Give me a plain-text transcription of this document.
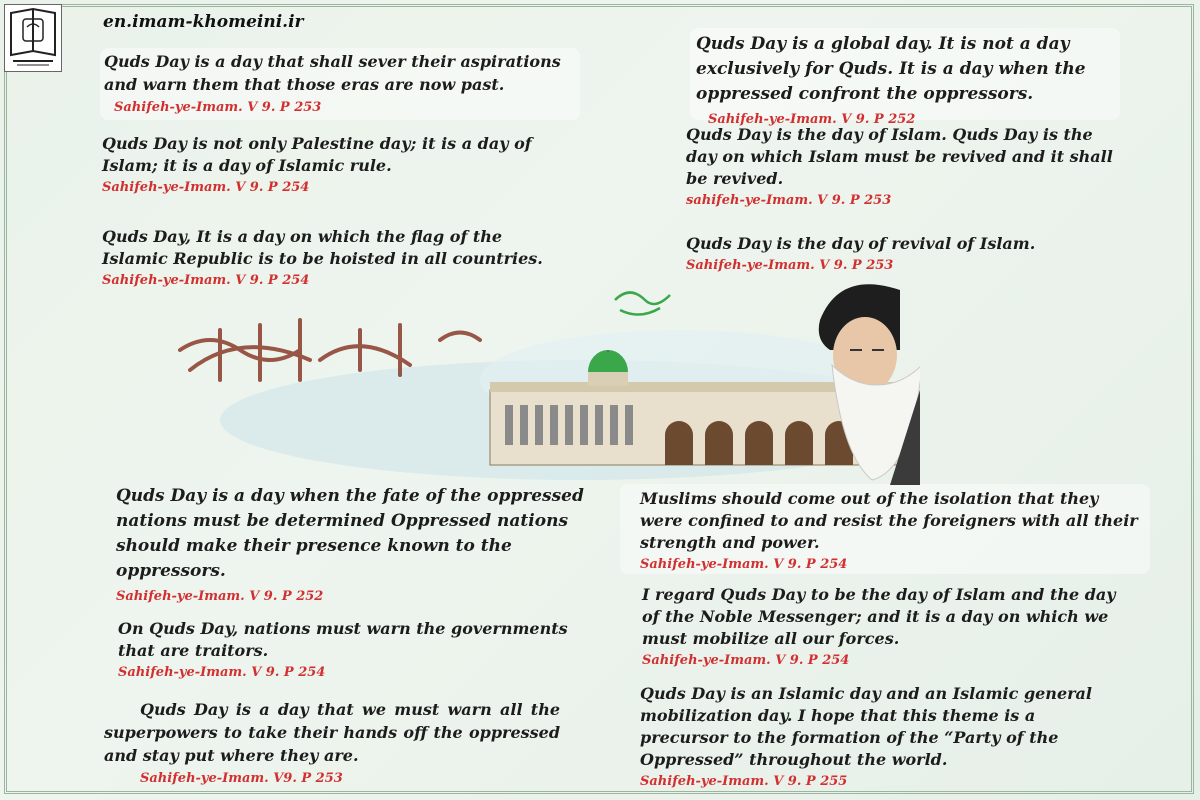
en.imam-khomeini.ir
Quds Day is a day that shall sever their aspirations and warn them that those eras are now past.
Sahifeh-ye-Imam. V 9. P 253
Quds Day is not only Palestine day; it is a day of Islam; it is a day of Islamic rule.
Sahifeh-ye-Imam. V 9. P 254
Quds Day, It is a day on which the flag of the Islamic Republic is to be hoisted in all countries.
Sahifeh-ye-Imam. V 9. P 254
Quds Day is a global day. It is not a day exclusively for Quds. It is a day when the oppressed confront the oppressors.
Sahifeh-ye-Imam. V 9. P 252
Quds Day is the day of Islam. Quds Day is the day on which Islam must be revived and it shall be revived.
sahifeh-ye-Imam. V 9. P 253
Quds Day is the day of revival of Islam.
Sahifeh-ye-Imam. V 9. P 253
Quds Day is a day when the fate of the oppressed nations must be determined Oppressed nations should make their presence known to the oppressors.
Sahifeh-ye-Imam. V 9. P 252
On Quds Day, nations must warn the governments that are traitors.
Sahifeh-ye-Imam. V 9. P 254
Quds Day is a day that we must warn all the superpowers to take their hands off the oppressed and stay put where they are.
Sahifeh-ye-Imam. V9. P 253
Muslims should come out of the isolation that they were confined to and resist the foreigners with all their strength and power.
Sahifeh-ye-Imam. V 9. P 254
I regard Quds Day to be the day of Islam and the day of the Noble Messenger; and it is a day on which we must mobilize all our forces.
Sahifeh-ye-Imam. V 9. P 254
Quds Day is an Islamic day and an Islamic general mobilization day. I hope that this theme is a precursor to the formation of the “Party of the Oppressed” throughout the world.
Sahifeh-ye-Imam. V 9. P 255
